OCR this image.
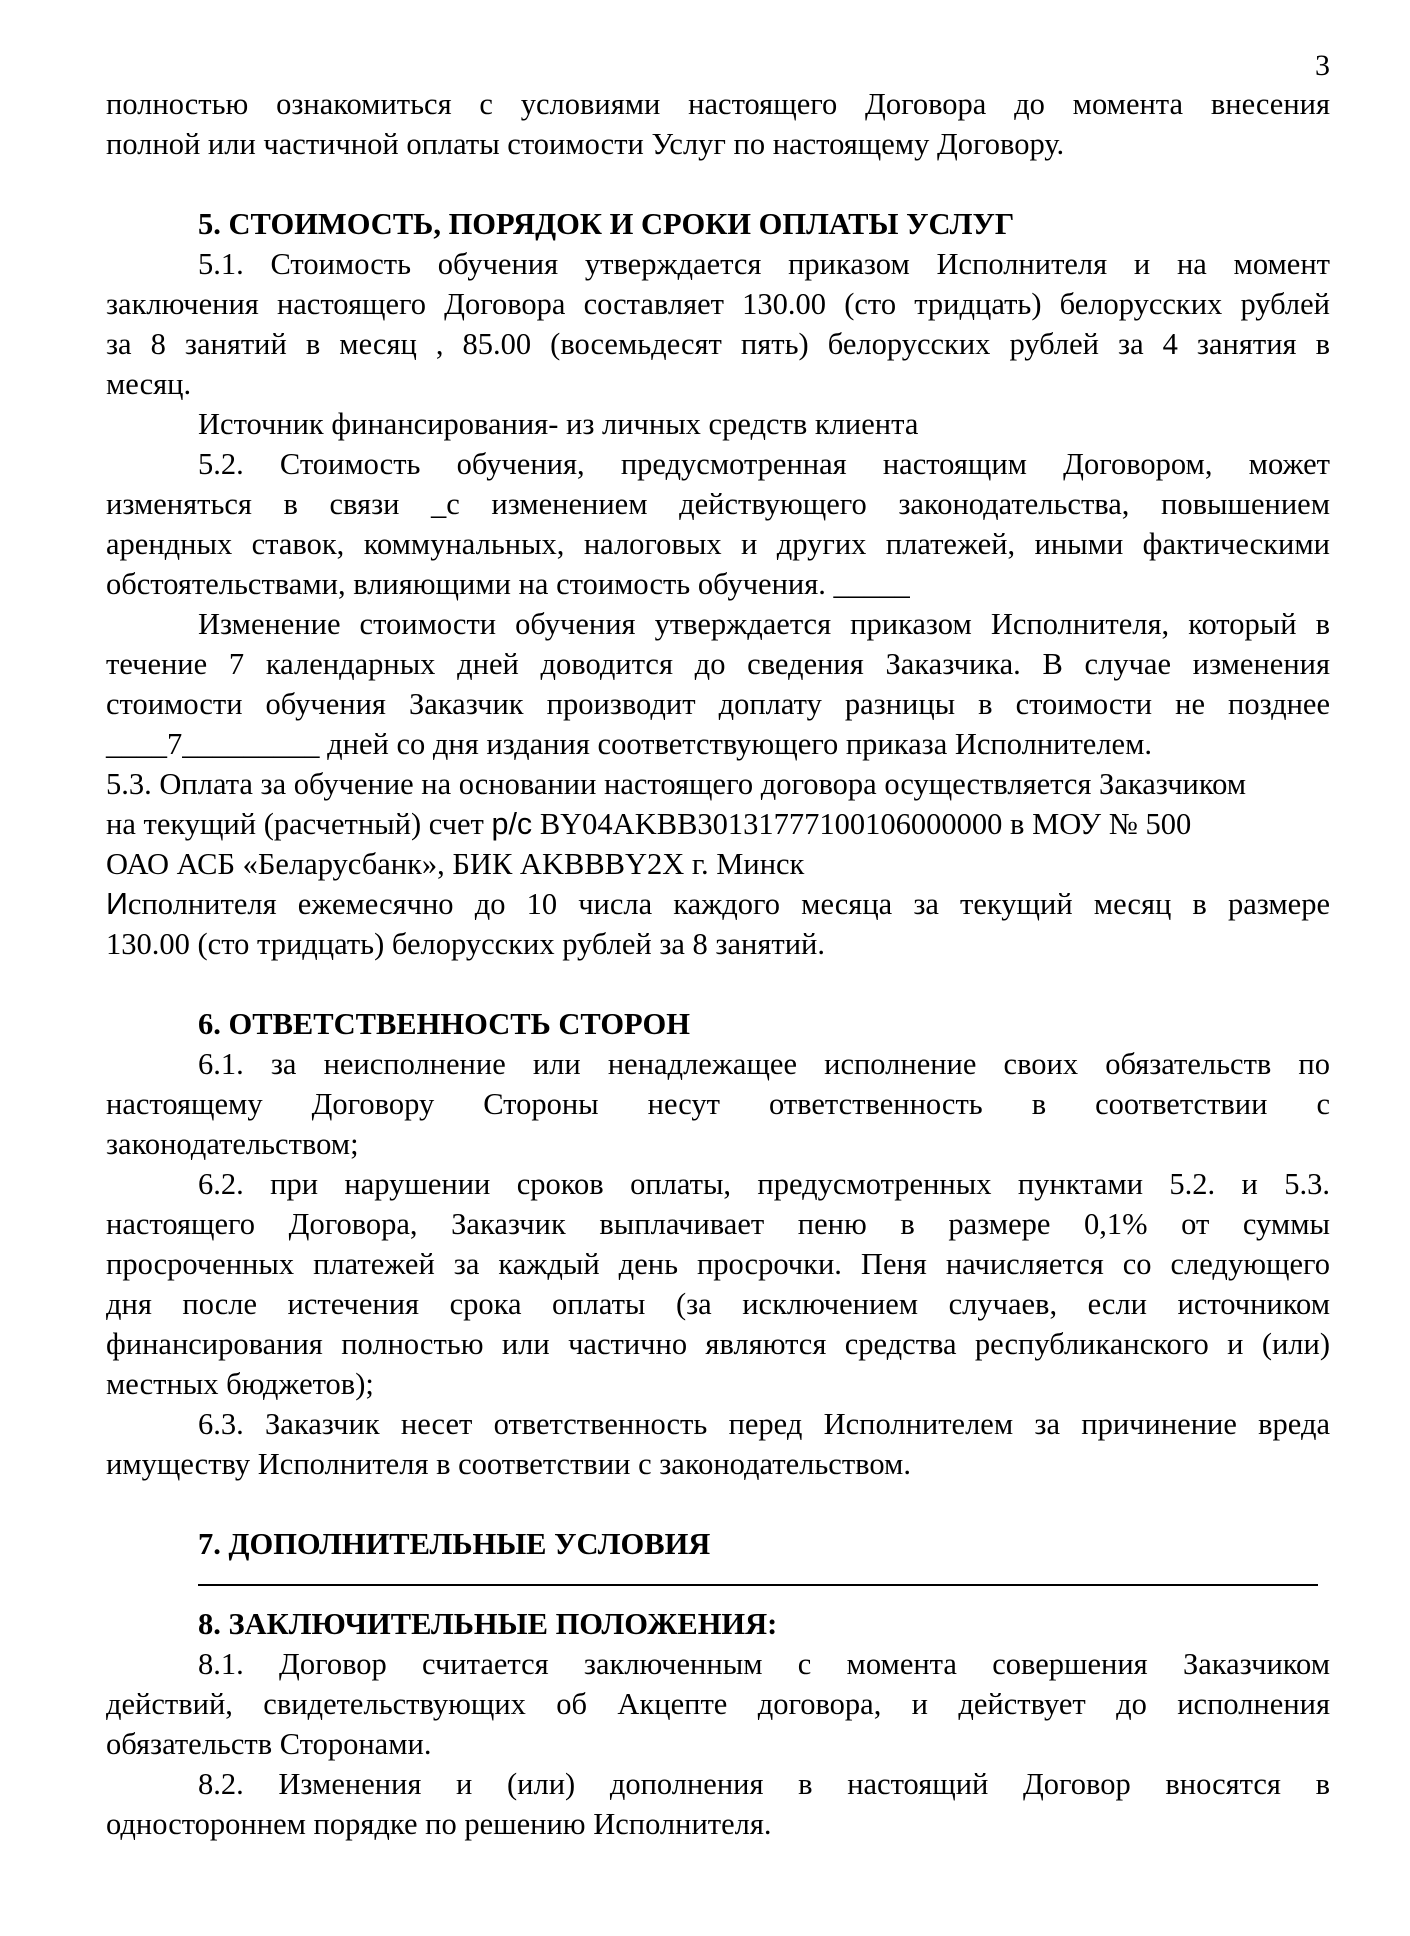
3
полностью ознакомиться с условиями настоящего Договора до момента внесения
полной или частичной оплаты стоимости Услуг по настоящему Договору.
5. СТОИМОСТЬ, ПОРЯДОК И СРОКИ ОПЛАТЫ УСЛУГ
5.1. Стоимость обучения утверждается приказом Исполнителя и на момент
заключения настоящего Договора составляет 130.00 (сто тридцать) белорусских рублей
за 8 занятий в месяц , 85.00 (восемьдесят пять) белорусских рублей за 4 занятия в
месяц.
Источник финансирования- из личных средств клиента
5.2. Стоимость обучения, предусмотренная настоящим Договором, может
изменяться в связи _с изменением действующего законодательства, повышением
арендных ставок, коммунальных, налоговых и других платежей, иными фактическими
обстоятельствами, влияющими на стоимость обучения. _____
Изменение стоимости обучения утверждается приказом Исполнителя, который в
течение 7 календарных дней доводится до сведения Заказчика. В случае изменения
стоимости обучения Заказчик производит доплату разницы в стоимости не позднее
____7_________ дней со дня издания соответствующего приказа Исполнителем.
5.3. Оплата за обучение на основании настоящего договора осуществляется Заказчиком
на текущий (расчетный) счет р/с BY04AKBB30131777100106000000 в МОУ № 500
ОАО АСБ «Беларусбанк», БИК AKBBBY2X г. Минск
Исполнителя ежемесячно до 10 числа каждого месяца за текущий месяц в размере
130.00 (сто тридцать) белорусских рублей за 8 занятий.
6. ОТВЕТСТВЕННОСТЬ СТОРОН
6.1. за неисполнение или ненадлежащее исполнение своих обязательств по
настоящему Договору Стороны несут ответственность в соответствии с
законодательством;
6.2. при нарушении сроков оплаты, предусмотренных пунктами 5.2. и 5.3.
настоящего Договора, Заказчик выплачивает пеню в размере 0,1% от суммы
просроченных платежей за каждый день просрочки. Пеня начисляется со следующего
дня после истечения срока оплаты (за исключением случаев, если источником
финансирования полностью или частично являются средства республиканского и (или)
местных бюджетов);
6.3. Заказчик несет ответственность перед Исполнителем за причинение вреда
имуществу Исполнителя в соответствии с законодательством.
7. ДОПОЛНИТЕЛЬНЫЕ УСЛОВИЯ
8. ЗАКЛЮЧИТЕЛЬНЫЕ ПОЛОЖЕНИЯ:
8.1. Договор считается заключенным с момента совершения Заказчиком
действий, свидетельствующих об Акцепте договора, и действует до исполнения
обязательств Сторонами.
8.2. Изменения и (или) дополнения в настоящий Договор вносятся в
одностороннем порядке по решению Исполнителя.
